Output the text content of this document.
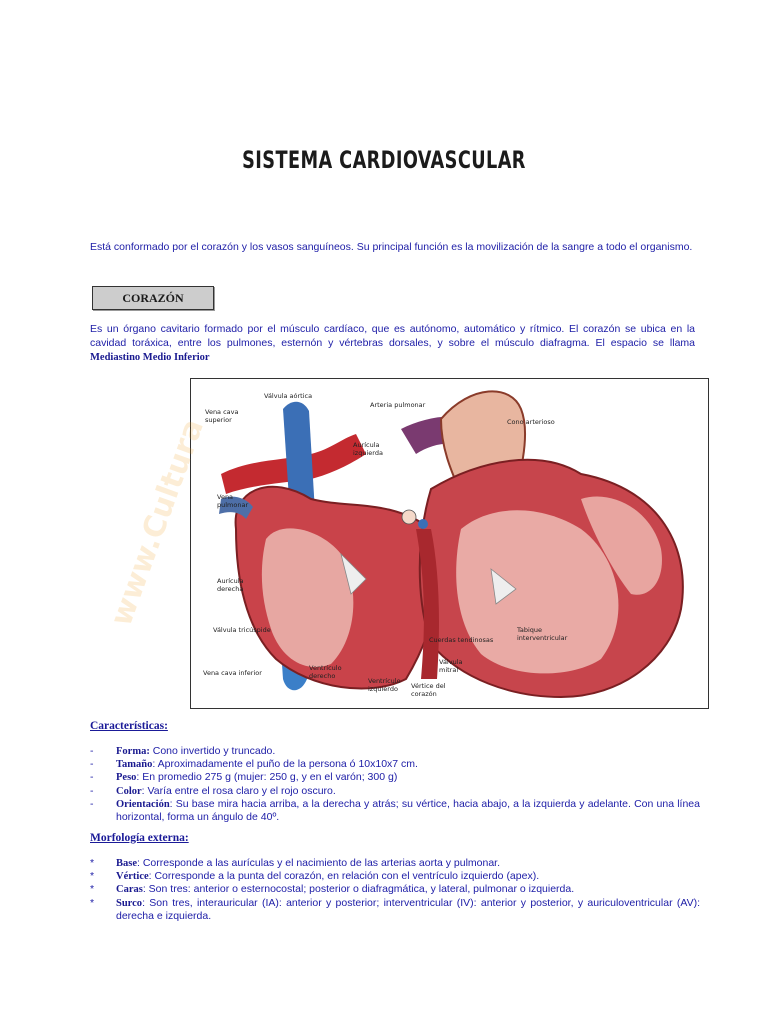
SISTEMA CARDIOVASCULAR

Está conformado por el corazón y los vasos sanguíneos. Su principal función es la movilización de la sangre a todo el organismo.

CORAZÓN

Es un órgano cavitario formado por el músculo cardíaco, que es autónomo, automático y rítmico. El corazón se ubica en la cavidad toráxica, entre los pulmones, esternón y vértebras dorsales, y sobre el músculo diafragma. El espacio se llama Mediastino Medio Inferior

www.Cultura
Válvula aórtica
Vena cava
superior
Arteria pulmonar
Cono arterioso
Aurícula
izquierda
Vena
pulmonar
Aurícula
derecha
Válvula tricúspide
Cuerdas tendinosas
Tabique
interventricular
Vena cava inferior
Ventrículo
derecho
Válvula
mitral
Ventrículo
izquierdo	Vértice del
corazón
Características:
- Forma: Cono invertido y truncado.
- Tamaño: Aproximadamente el puño de la persona ó 10x10x7 cm.
- Peso: En promedio 275 g (mujer: 250 g, y en el varón; 300 g)
- Color: Varía entre el rosa claro y el rojo oscuro.
- Orientación: Su base mira hacia arriba, a la derecha y atrás; su vértice, hacia abajo, a la izquierda y adelante. Con una línea horizontal, forma un ángulo de 40º.
Morfología externa:
* Base: Corresponde a las aurículas y el nacimiento de las arterias aorta y pulmonar.
* Vértice: Corresponde a la punta del corazón, en relación con el ventrículo izquierdo (apex).
* Caras: Son tres: anterior o esternocostal; posterior o diafragmática, y lateral, pulmonar o izquierda.
* Surco: Son tres, interauricular (IA): anterior y posterior; interventricular (IV): anterior y posterior, y auriculoventricular (AV): derecha e izquierda.
